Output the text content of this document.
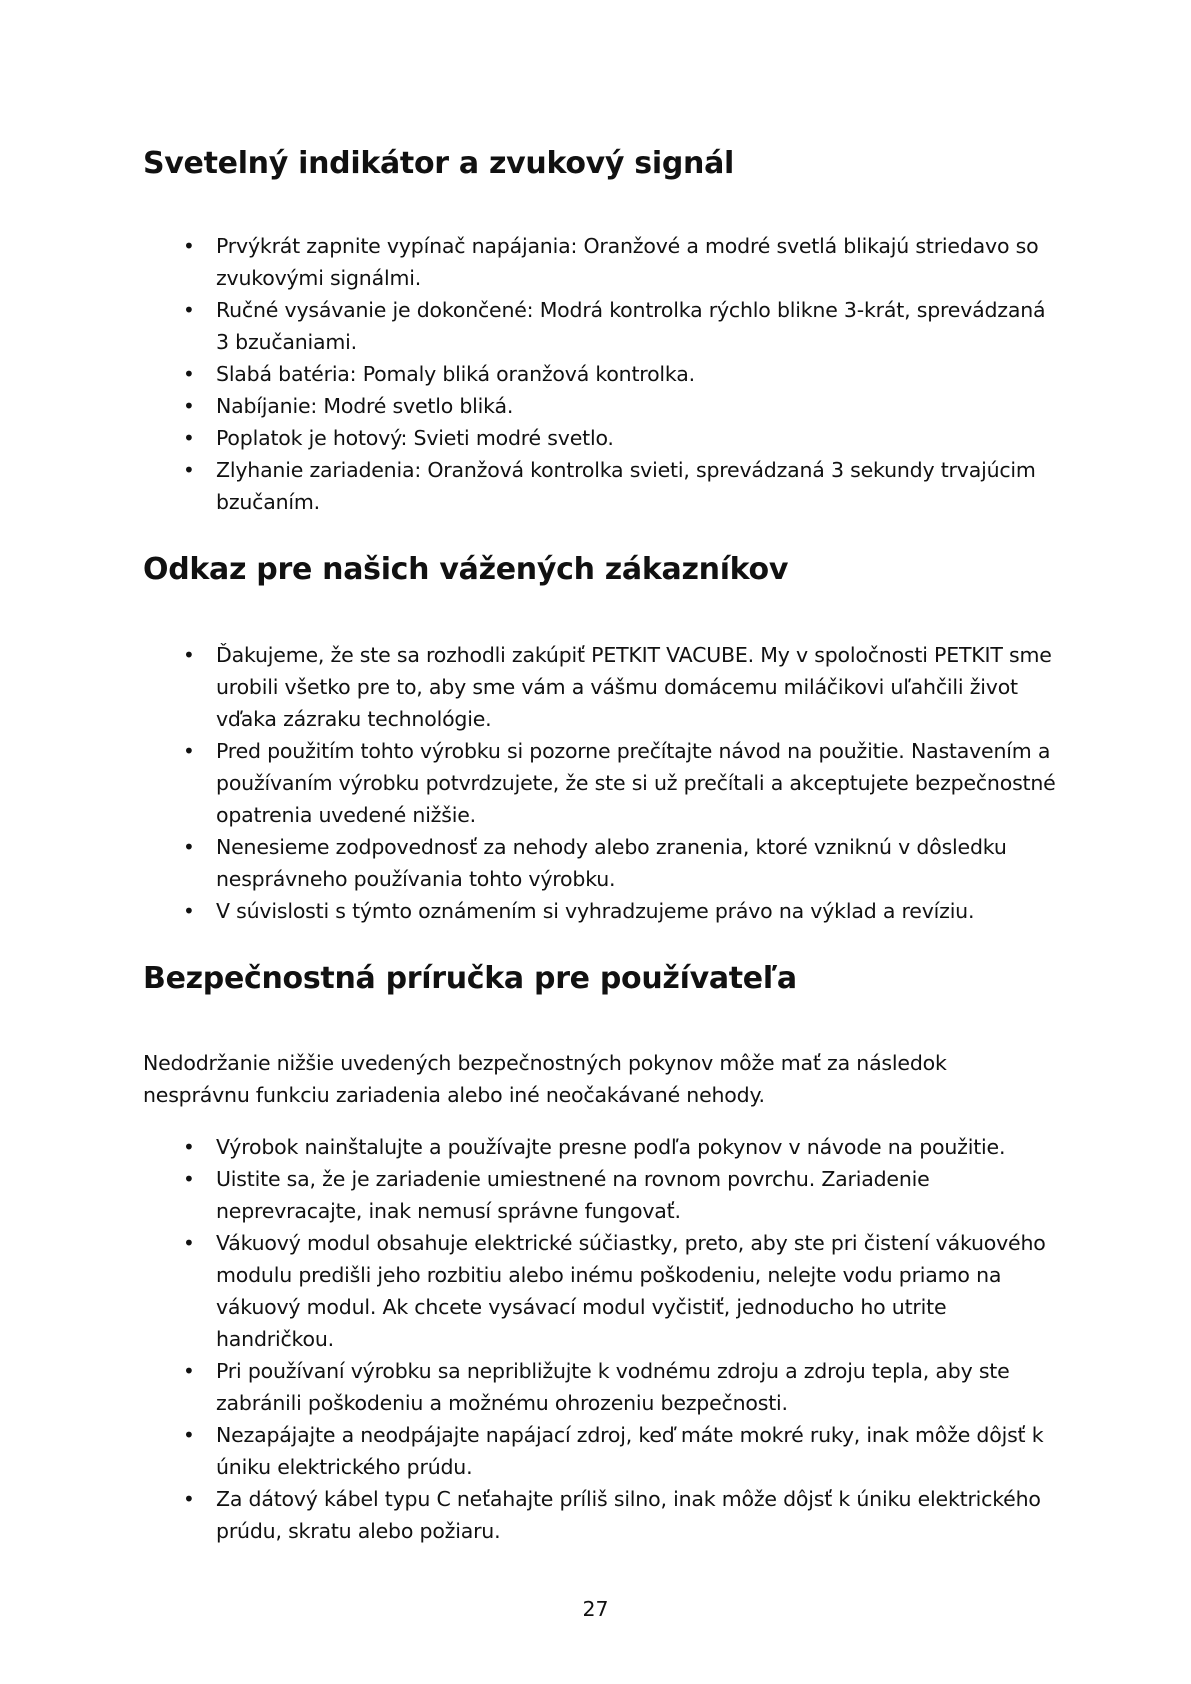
Svetelný indikátor a zvukový signál
•	Prvýkrát zapnite vypínač napájania: Oranžové a modré svetlá blikajú striedavo so zvukovými signálmi.
•	Ručné vysávanie je dokončené: Modrá kontrolka rýchlo blikne 3-krát, sprevádzaná 3 bzučaniami.
•	Slabá batéria: Pomaly bliká oranžová kontrolka.
•	Nabíjanie: Modré svetlo bliká.
•	Poplatok je hotový: Svieti modré svetlo.
•	Zlyhanie zariadenia: Oranžová kontrolka svieti, sprevádzaná 3 sekundy trvajúcim bzučaním.
Odkaz pre našich vážených zákazníkov
•	Ďakujeme, že ste sa rozhodli zakúpiť PETKIT VACUBE. My v spoločnosti PETKIT sme urobili všetko pre to, aby sme vám a vášmu domácemu miláčikovi uľahčili život vďaka zázraku technológie.
•	Pred použitím tohto výrobku si pozorne prečítajte návod na použitie. Nastavením a používaním výrobku potvrdzujete, že ste si už prečítali a akceptujete bezpečnostné opatrenia uvedené nižšie.
•	Nenesieme zodpovednosť za nehody alebo zranenia, ktoré vzniknú v dôsledku nesprávneho používania tohto výrobku.
•	V súvislosti s týmto oznámením si vyhradzujeme právo na výklad a revíziu.
Bezpečnostná príručka pre používateľa

Nedodržanie nižšie uvedených bezpečnostných pokynov môže mať za následok nesprávnu funkciu zariadenia alebo iné neočakávané nehody.

•	Výrobok nainštalujte a používajte presne podľa pokynov v návode na použitie.
•	Uistite sa, že je zariadenie umiestnené na rovnom povrchu. Zariadenie neprevracajte, inak nemusí správne fungovať.
•	Vákuový modul obsahuje elektrické súčiastky, preto, aby ste pri čistení vákuového modulu predišli jeho rozbitiu alebo inému poškodeniu, nelejte vodu priamo na vákuový modul. Ak chcete vysávací modul vyčistiť, jednoducho ho utrite handričkou.
•	Pri používaní výrobku sa nepribližujte k vodnému zdroju a zdroju tepla, aby ste zabránili poškodeniu a možnému ohrozeniu bezpečnosti.
•	Nezapájajte a neodpájajte napájací zdroj, keď máte mokré ruky, inak môže dôjsť k úniku elektrického prúdu.
•	Za dátový kábel typu C neťahajte príliš silno, inak môže dôjsť k úniku elektrického prúdu, skratu alebo požiaru.
27
